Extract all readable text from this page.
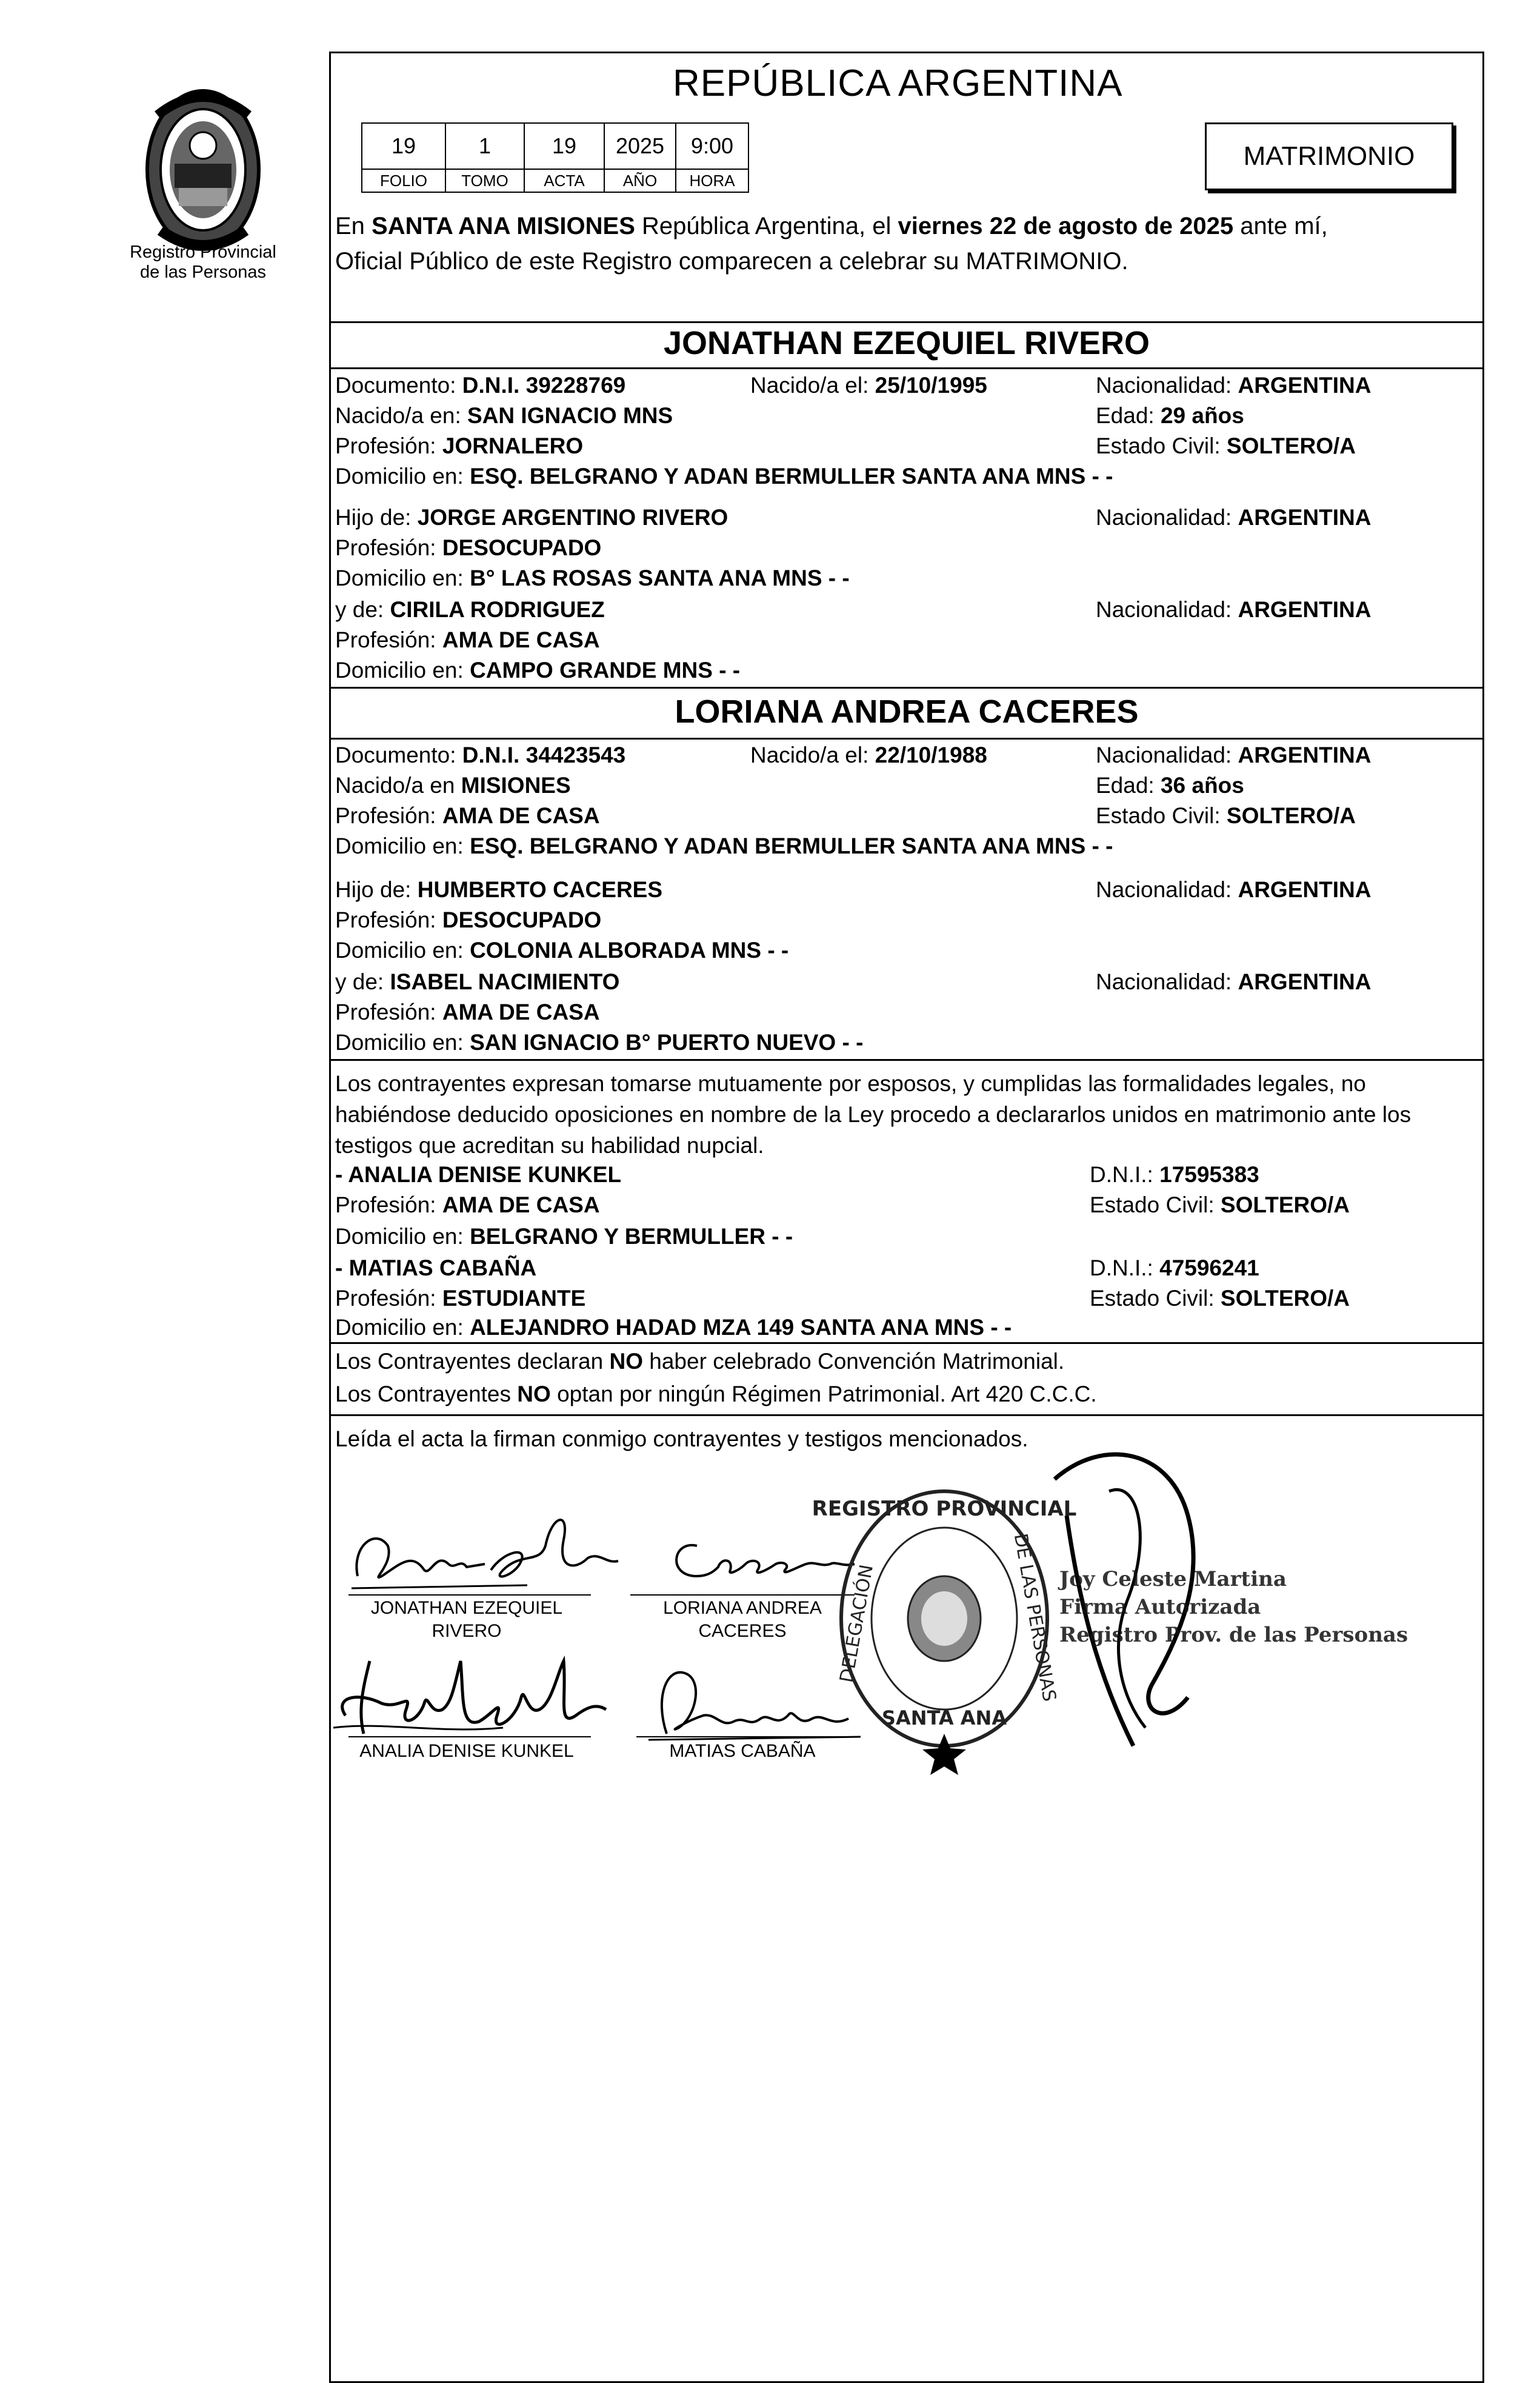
Registro Provincial
de las Personas
REPÚBLICA ARGENTINA
19	1	19	2025	9:00
FOLIO	TOMO	ACTA	AÑO	HORA
MATRIMONIO
En SANTA ANA MISIONES República Argentina, el viernes 22 de agosto de 2025 ante mí,
Oficial Público de este Registro comparecen a celebrar su MATRIMONIO.
JONATHAN EZEQUIEL RIVERO
Documento: D.N.I. 39228769	Nacido/a el: 25/10/1995	Nacionalidad: ARGENTINA
Nacido/a en: SAN IGNACIO MNS	Edad: 29 años
Profesión: JORNALERO	Estado Civil: SOLTERO/A
Domicilio en: ESQ. BELGRANO Y ADAN BERMULLER SANTA ANA MNS - -
Hijo de: JORGE ARGENTINO RIVERO	Nacionalidad: ARGENTINA
Profesión: DESOCUPADO
Domicilio en: B° LAS ROSAS SANTA ANA MNS - -
y de: CIRILA RODRIGUEZ	Nacionalidad: ARGENTINA
Profesión: AMA DE CASA
Domicilio en: CAMPO GRANDE MNS - -
LORIANA ANDREA CACERES
Documento: D.N.I. 34423543	Nacido/a el: 22/10/1988	Nacionalidad: ARGENTINA
Nacido/a en MISIONES	Edad: 36 años
Profesión: AMA DE CASA	Estado Civil: SOLTERO/A
Domicilio en: ESQ. BELGRANO Y ADAN BERMULLER SANTA ANA MNS - -
Hijo de: HUMBERTO CACERES	Nacionalidad: ARGENTINA
Profesión: DESOCUPADO
Domicilio en: COLONIA ALBORADA MNS - -
y de: ISABEL NACIMIENTO	Nacionalidad: ARGENTINA
Profesión: AMA DE CASA
Domicilio en: SAN IGNACIO B° PUERTO NUEVO - -
Los contrayentes expresan tomarse mutuamente por esposos, y cumplidas las formalidades legales, no habiéndose deducido oposiciones en nombre de la Ley procedo a declararlos unidos en matrimonio ante los testigos que acreditan su habilidad nupcial.
- ANALIA DENISE KUNKEL	D.N.I.: 17595383
Profesión: AMA DE CASA	Estado Civil: SOLTERO/A
Domicilio en: BELGRANO Y BERMULLER - -
- MATIAS CABAÑA	D.N.I.: 47596241
Profesión: ESTUDIANTE	Estado Civil: SOLTERO/A
Domicilio en: ALEJANDRO HADAD MZA 149 SANTA ANA MNS - -
Los Contrayentes declaran NO haber celebrado Convención Matrimonial.
Los Contrayentes NO optan por ningún Régimen Patrimonial. Art 420 C.C.C.
Leída el acta la firman conmigo contrayentes y testigos mencionados.
JONATHAN EZEQUIEL
RIVERO
LORIANA ANDREA
CACERES
ANALIA DENISE KUNKEL	MATIAS CABAÑA
REGISTRO PROVINCIAL
DE LAS PERSONAS
DELEGACIÓN
SANTA ANA
Joy Celeste Martina
Firma Autorizada
Registro Prov. de las Personas
